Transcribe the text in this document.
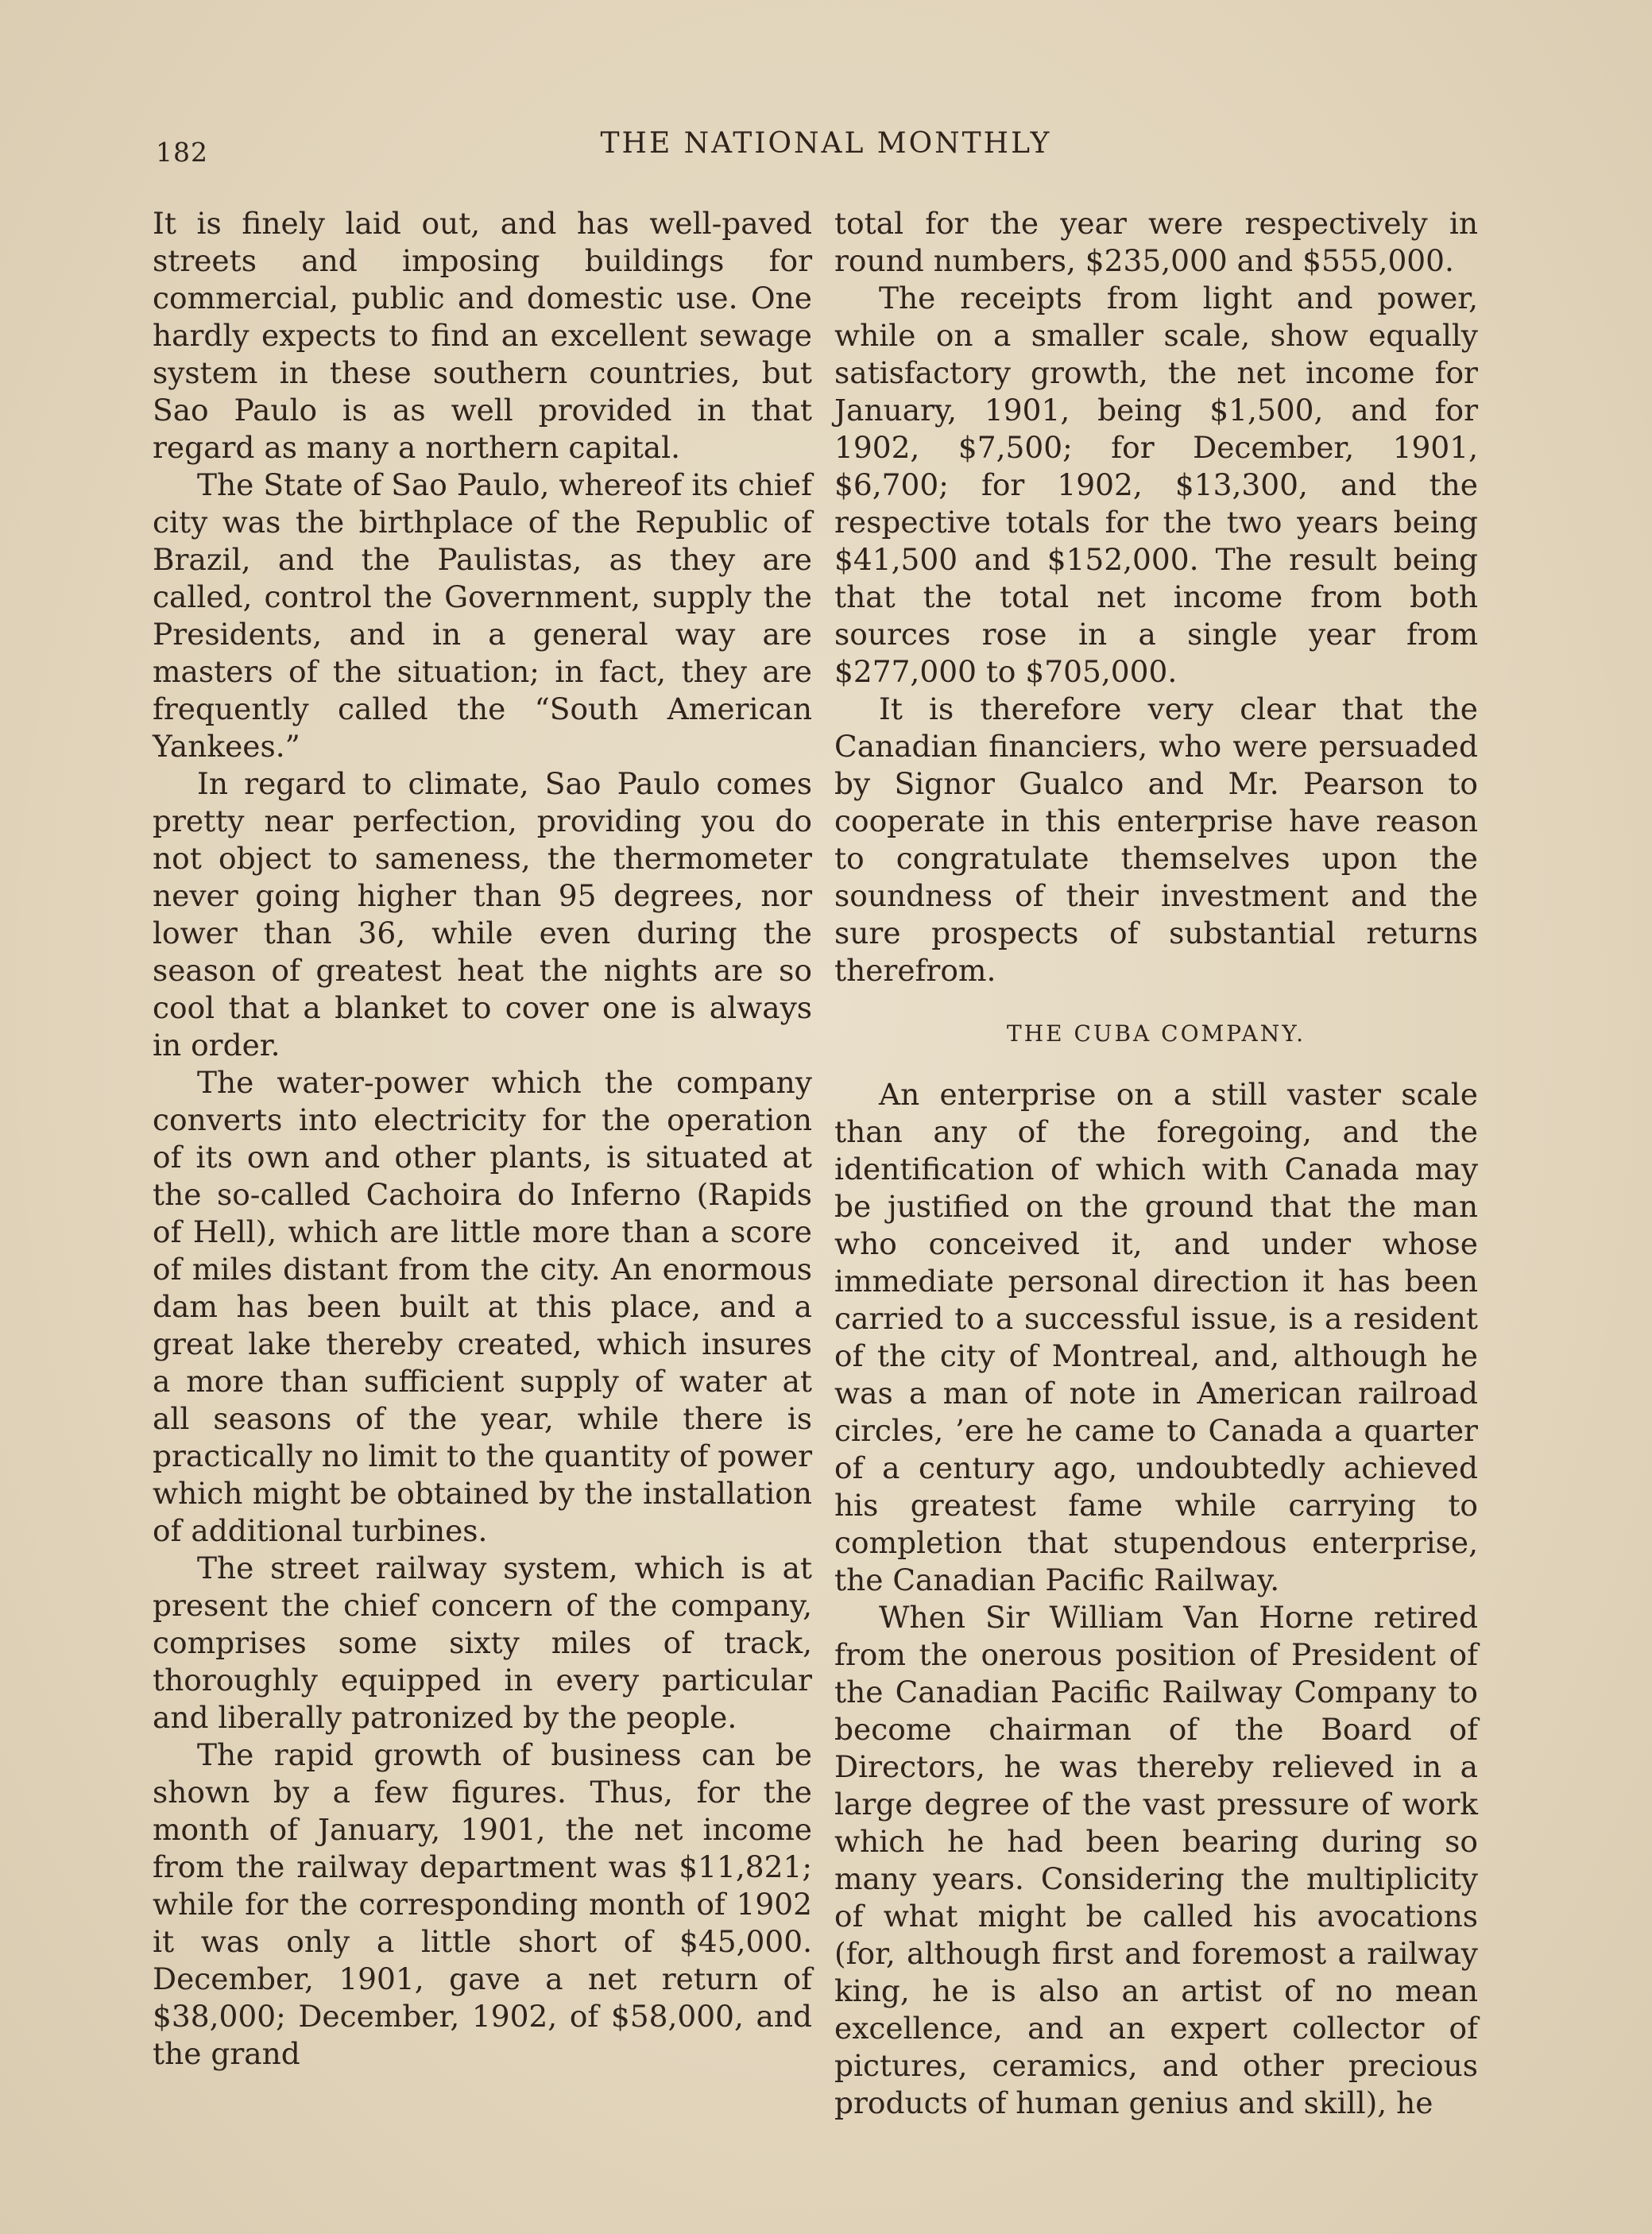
182	THE NATIONAL MONTHLY

It is finely laid out, and has well-paved streets and imposing buildings for commercial, public and domestic use. One hardly expects to find an excellent sewage system in these southern countries, but Sao Paulo is as well provided in that regard as many a northern capital.

The State of Sao Paulo, whereof its chief city was the birthplace of the Republic of Brazil, and the Paulistas, as they are called, control the Government, supply the Presidents, and in a general way are masters of the situation; in fact, they are frequently called the “South American Yankees.”

In regard to climate, Sao Paulo comes pretty near perfection, providing you do not object to sameness, the thermometer never going higher than 95 degrees, nor lower than 36, while even during the season of greatest heat the nights are so cool that a blanket to cover one is always in order.

The water-power which the company converts into electricity for the operation of its own and other plants, is situated at the so-called Cachoira do Inferno (Rapids of Hell), which are little more than a score of miles distant from the city. An enormous dam has been built at this place, and a great lake thereby created, which insures a more than sufficient supply of water at all seasons of the year, while there is practically no limit to the quantity of power which might be obtained by the installation of additional turbines.

The street railway system, which is at present the chief concern of the company, comprises some sixty miles of track, thoroughly equipped in every particular and liberally patronized by the people.

The rapid growth of business can be shown by a few figures. Thus, for the month of January, 1901, the net income from the railway department was $11,821; while for the corresponding month of 1902 it was only a little short of $45,000. December, 1901, gave a net return of $38,000; December, 1902, of $58,000, and the grand

total for the year were respectively in round numbers, $235,000 and $555,000.

The receipts from light and power, while on a smaller scale, show equally satisfactory growth, the net income for January, 1901, being $1,500, and for 1902, $7,500; for December, 1901, $6,700; for 1902, $13,300, and the respective totals for the two years being $41,500 and $152,000. The result being that the total net income from both sources rose in a single year from $277,000 to $705,000.

It is therefore very clear that the Canadian financiers, who were persuaded by Signor Gualco and Mr. Pearson to cooperate in this enterprise have reason to congratulate themselves upon the soundness of their investment and the sure prospects of substantial returns therefrom.

THE CUBA COMPANY.

An enterprise on a still vaster scale than any of the foregoing, and the identification of which with Canada may be justified on the ground that the man who conceived it, and under whose immediate personal direction it has been carried to a successful issue, is a resident of the city of Montreal, and, although he was a man of note in American railroad circles, ’ere he came to Canada a quarter of a century ago, undoubtedly achieved his greatest fame while carrying to completion that stupendous enterprise, the Canadian Pacific Railway.

When Sir William Van Horne retired from the onerous position of President of the Canadian Pacific Railway Company to become chairman of the Board of Directors, he was thereby relieved in a large degree of the vast pressure of work which he had been bearing during so many years. Considering the multiplicity of what might be called his avocations (for, although first and foremost a railway king, he is also an artist of no mean excellence, and an expert collector of pictures, ceramics, and other precious products of human genius and skill), he
